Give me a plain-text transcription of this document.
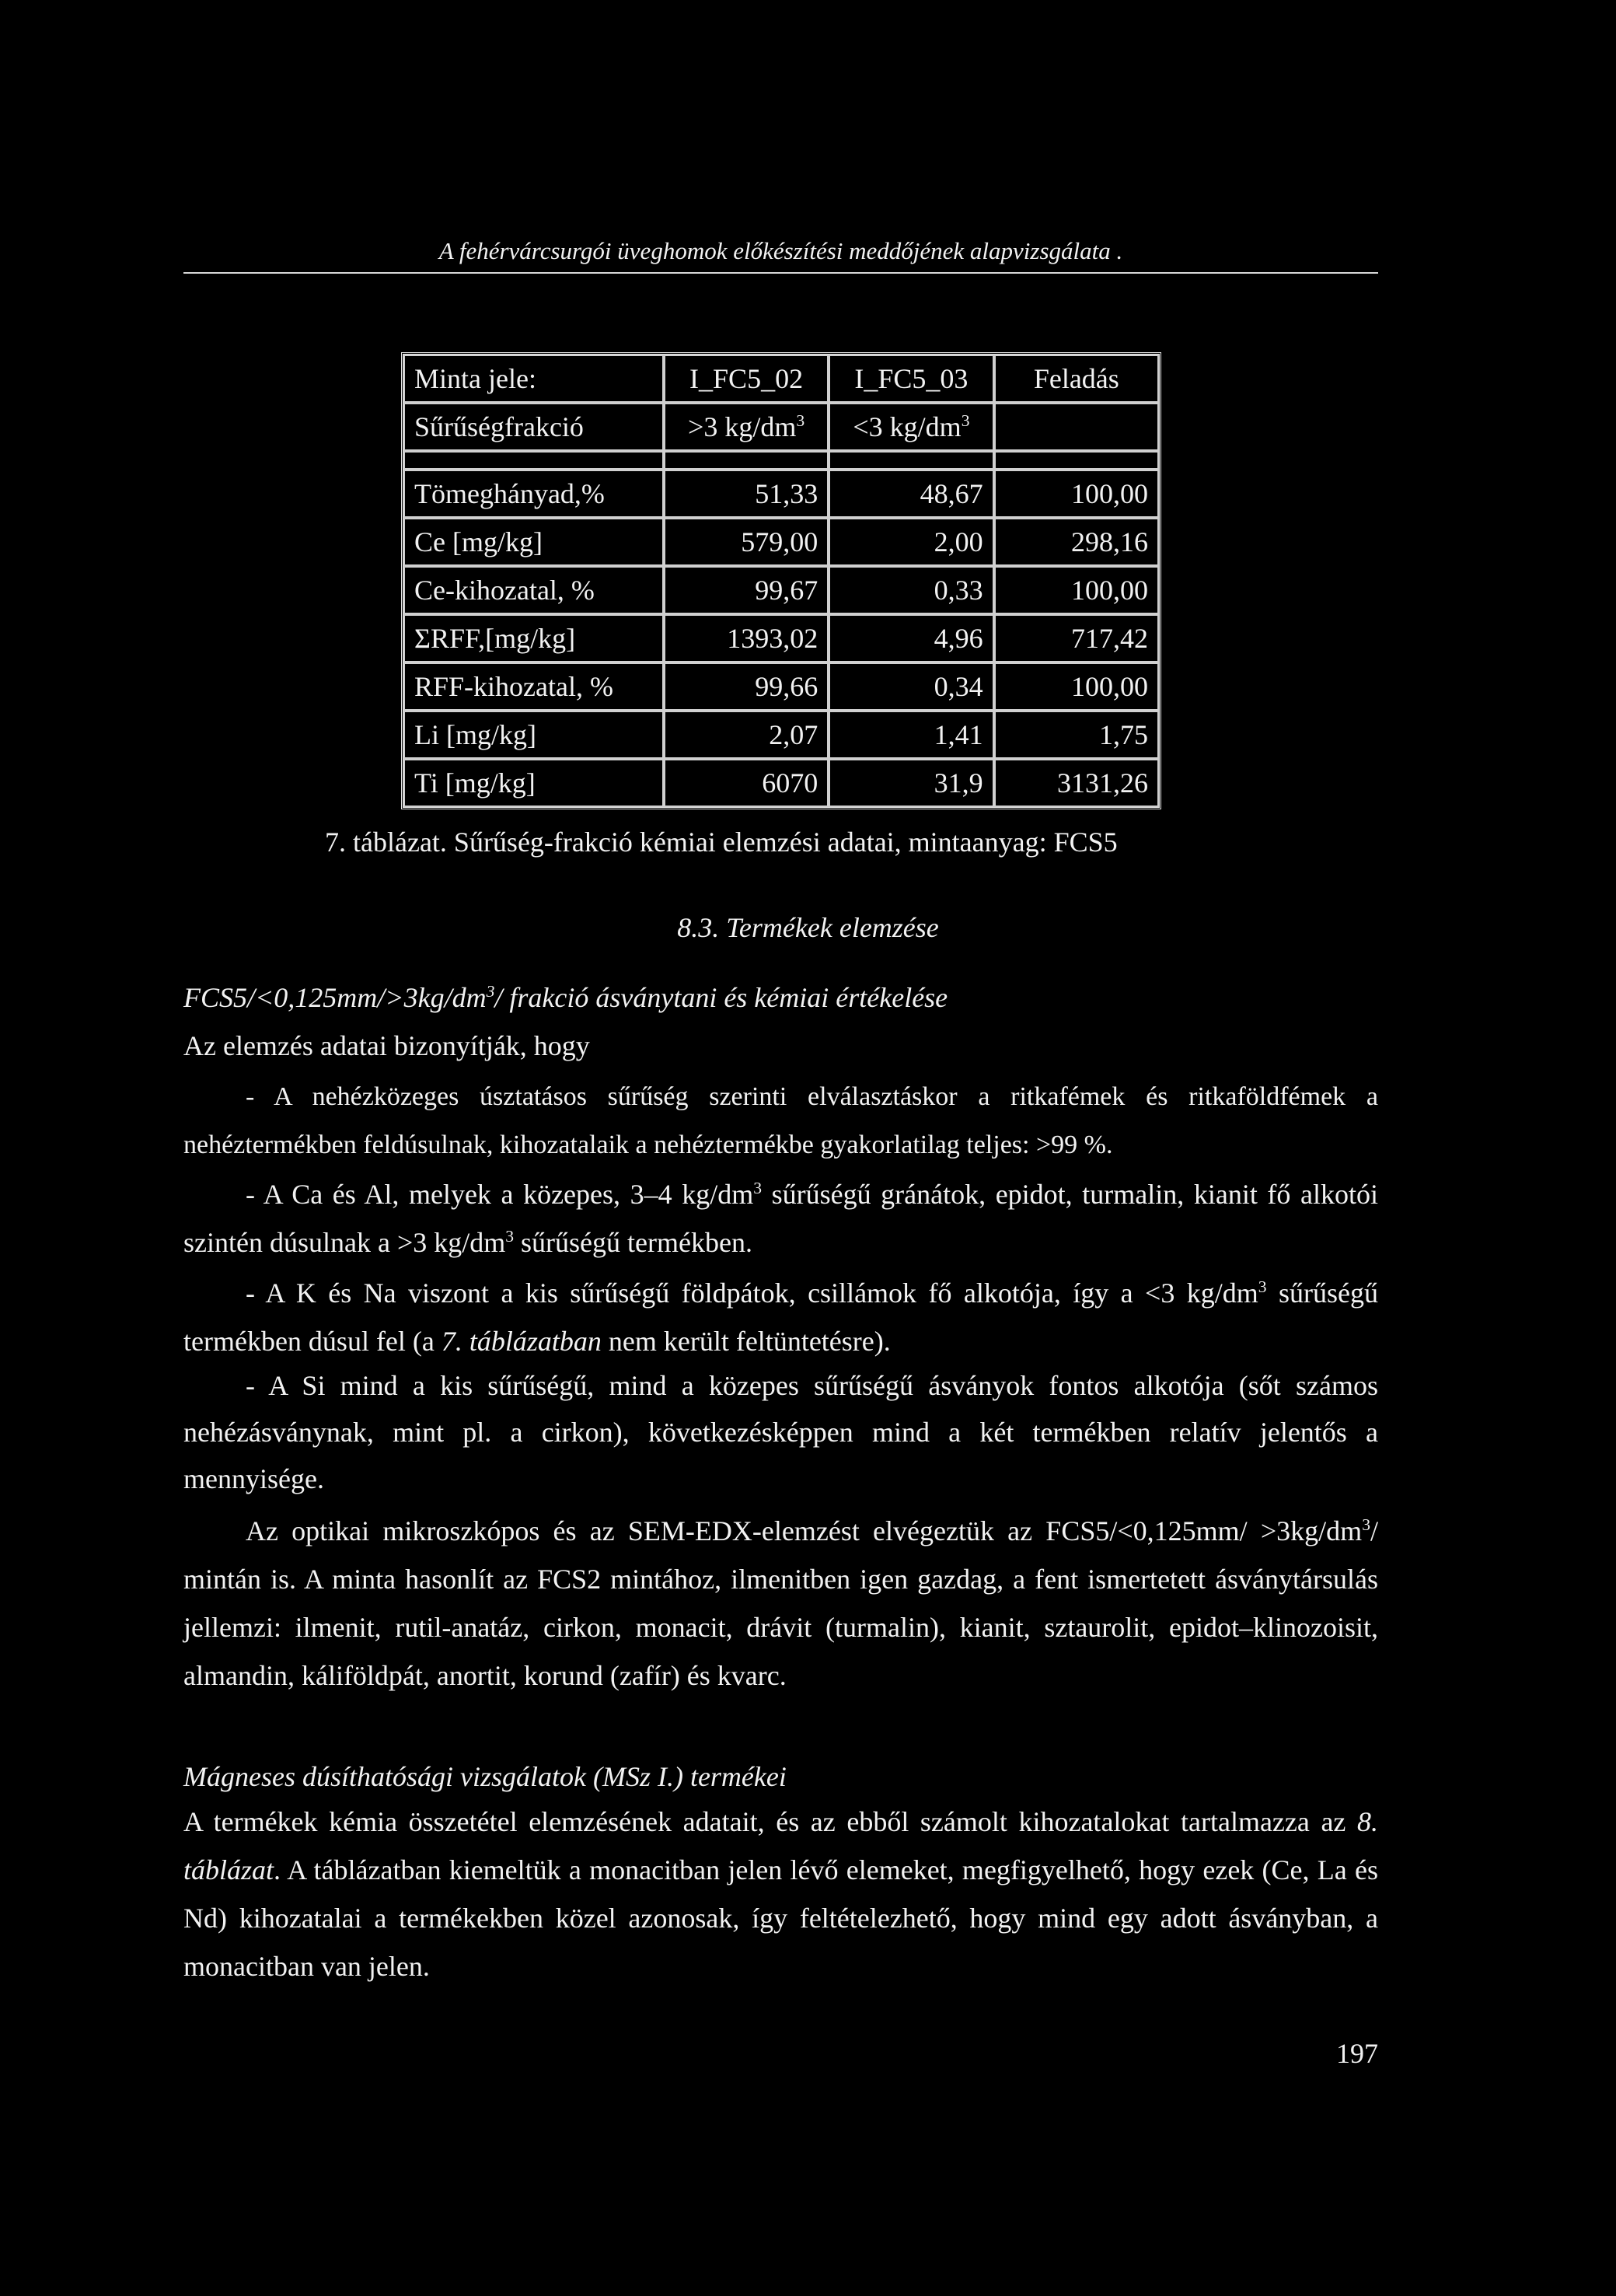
A fehérvárcsurgói üveghomok előkészítési meddőjének alapvizsgálata .
Minta jele:	I_FC5_02	I_FC5_03	Feladás
Sűrűségfrakció	>3 $kg/dm^3$	<3 $kg/dm^3$	

Tömeghányad,%	51,33	48,67	100,00
Ce [mg/kg]	579,00	2,00	298,16
Ce-kihozatal, %	99,67	0,33	100,00
ΣRFF,[mg/kg]	1393,02	4,96	717,42
RFF-kihozatal, %	99,66	0,34	100,00
Li [mg/kg]	2,07	1,41	1,75
Ti [mg/kg]	6070	31,9	3131,26
7. táblázat. Sűrűség-frakció kémiai elemzési adatai, mintaanyag: FCS5
8.3. Termékek elemzése
$FCS5/<0,125mm/>3kg/dm^3/$ frakció ásványtani és kémiai értékelése
Az elemzés adatai bizonyítják, hogy
- A nehézközeges úsztatásos sűrűség szerinti elválasztáskor a ritkafémek és ritkaföldfémek a nehéztermékben feldúsulnak, kihozatalaik a nehéztermékbe gyakorlatilag teljes: >99 %.
- A Ca és Al, melyek a közepes, 3–4 $kg/dm^3$ sűrűségű gránátok, epidot, turmalin, kianit fő alkotói szintén dúsulnak a >3 $kg/dm^3$ sűrűségű termékben.
- A K és Na viszont a kis sűrűségű földpátok, csillámok fő alkotója, így a <3 $kg/dm^3$ sűrűségű termékben dúsul fel (a 7. táblázatban nem került feltüntetésre).
- A Si mind a kis sűrűségű, mind a közepes sűrűségű ásványok fontos alkotója (sőt számos nehézásványnak, mint pl. a cirkon), következésképpen mind a két termékben relatív jelentős a mennyisége.
Az optikai mikroszkópos és az SEM-EDX-elemzést elvégeztük az $FCS5/<0,125mm/ >3kg/dm^3/$ mintán is. A minta hasonlít az FCS2 mintához, ilmenitben igen gazdag, a fent ismertetett ásványtársulás jellemzi: ilmenit, rutil-anatáz, cirkon, monacit, drávit (turmalin), kianit, sztaurolit, epidot–klinozoisit, almandin, káliföldpát, anortit, korund (zafír) és kvarc.
Mágneses dúsíthatósági vizsgálatok (MSz I.) termékei
A termékek kémia összetétel elemzésének adatait, és az ebből számolt kihozatalokat tartalmazza az 8. táblázat. A táblázatban kiemeltük a monacitban jelen lévő elemeket, megfigyelhető, hogy ezek (Ce, La és Nd) kihozatalai a termékekben közel azonosak, így feltételezhető, hogy mind egy adott ásványban, a monacitban van jelen.
197
